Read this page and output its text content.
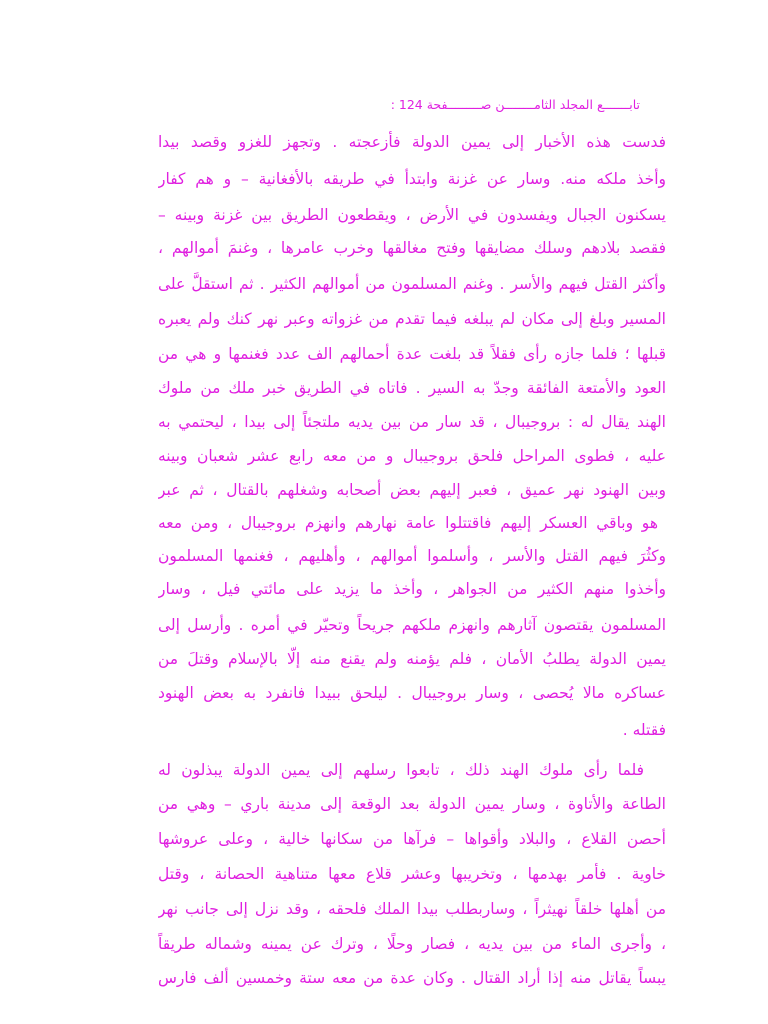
تابـــــــع المجلد الثامــــــــن صـــــــــفحة 124 :
فدست هذه الأخبار إلى يمين الدولة فأزعجته . وتجهز للغزو وقصد بيدا
وأخذ ملكه منه. وسار عن غزنة وابتدأ في طريقه بالأفغانية – و هم كفار
يسكنون الجبال ويفسدون في الأرض ، ويقطعون الطريق بين غزنة وبينه –
فقصد بلادهم وسلك مضايقها وفتح مغالقها وخرب عامرها ، وغنمَ أموالهم ،
وأكثر القتل فيهم والأسر . وغنم المسلمون من أموالهم الكثير . ثم استقلَّ على
المسير وبلغ إلى مكان لم يبلغه فيما تقدم من غزواته وعبر نهر كنك ولم يعبره
قبلها ؛ فلما جازه رأى فقلاً قد بلغت عدة أحمالهم الف عدد فغنمها و هي من
العود والأمتعة الفائقة وجدّ به السير . فاتاه في الطريق خبر ملك من ملوك
الهند يقال له : بروجيبال ، قد سار من بين يديه ملتجئاً إلى بيدا ، ليحتمي به
عليه ، فطوى المراحل فلحق بروجيبال و من معه رابع عشر شعبان وبينه
وبين الهنود نهر عميق ، فعبر إليهم بعض أصحابه وشغلهم بالقتال ، ثم عبر
هو وباقي العسكر إليهم فاقتتلوا عامة نهارهم وانهزم بروجيبال ، ومن معه
وكثُرَ فيهم القتل والأسر ، وأسلموا أموالهم ، وأهليهم ، فغنمها المسلمون
وأخذوا منهم الكثير من الجواهر ، وأخذ ما يزيد على مائتي فيل ، وسار
المسلمون يقتصون آثارهم وانهزم ملكهم جريحاً وتحيّر في أمره . وأرسل إلى
يمين الدولة يطلبُ الأمان ، فلم يؤمنه ولم يقنع منه إلّا بالإسلام وقتلَ من
عساكره مالا يُحصى ، وسار بروجيبال . ليلحق ببيدا فانفرد به بعض الهنود
فقتله .
فلما رأى ملوك الهند ذلك ، تابعوا رسلهم إلى يمين الدولة يبذلون له
الطاعة والأتاوة ، وسار يمين الدولة بعد الوقعة إلى مدينة باري – وهي من
أحصن القلاع ، والبلاد وأقواها – فرآها من سكانها خالية ، وعلى عروشها
خاوية . فأمر بهدمها ، وتخريبها وعشر قلاع معها متناهية الحصانة ، وقتل
من أهلها خلقاً نهيثراً ، وساربطلب بيدا الملك فلحقه ، وقد نزل إلى جانب نهر
، وأجرى الماء من بين يديه ، فصار وحلًا ، وترك عن يمينه وشماله طريقاً
يبساً يقاتل منه إذا أراد القتال . وكان عدة من معه ستة وخمسين ألف فارس
